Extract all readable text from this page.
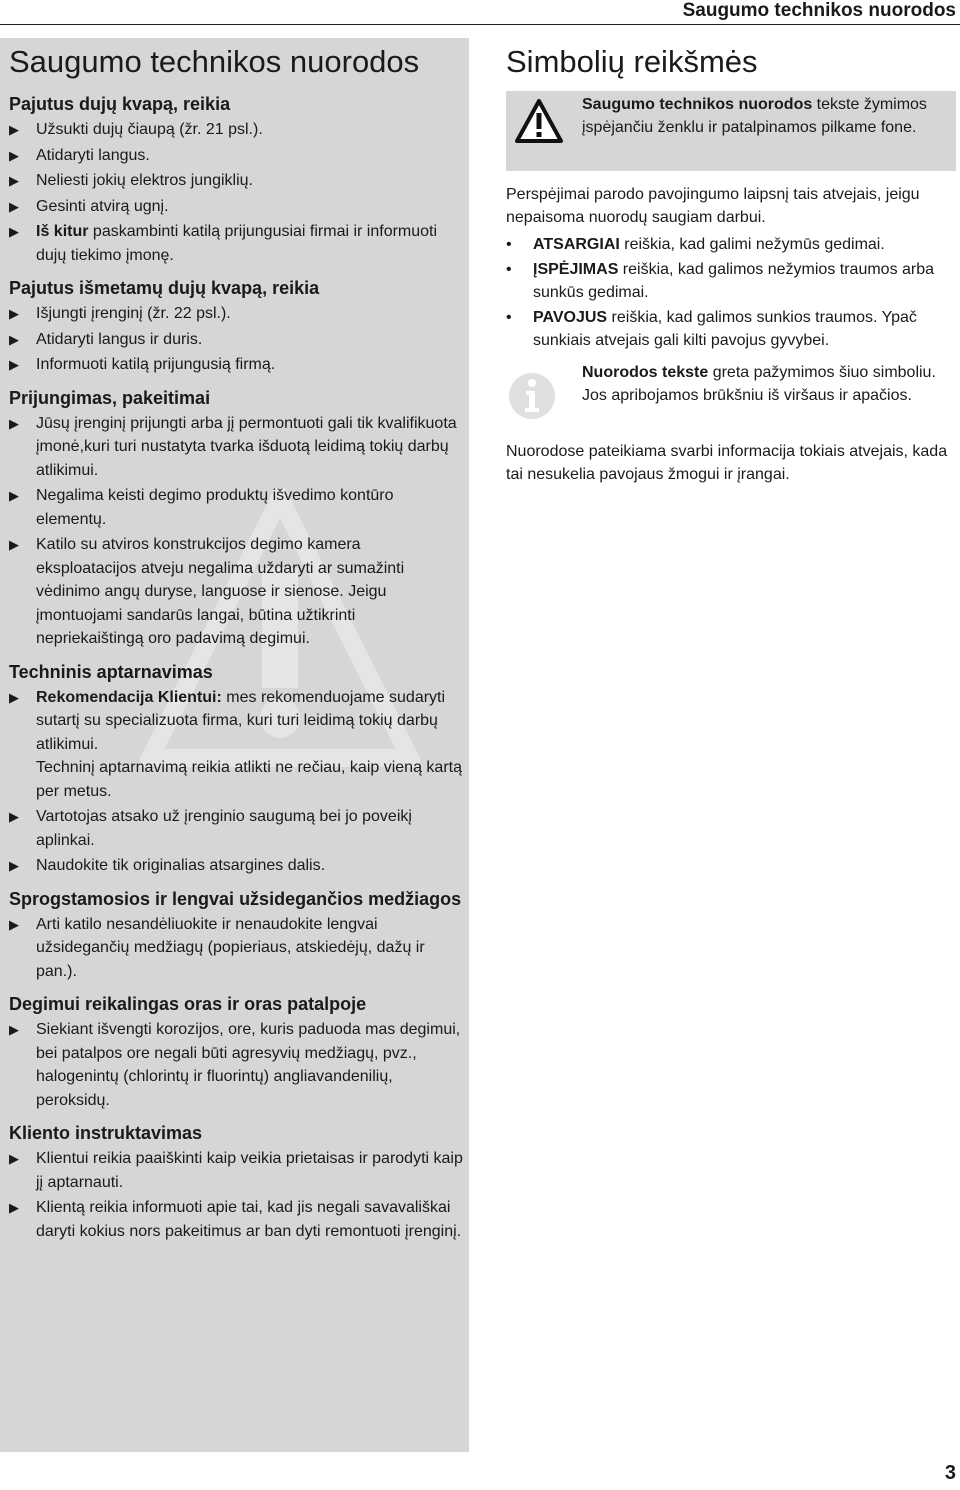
Saugumo technikos nuorodos
Saugumo technikos nuorodos
Pajutus dujų kvapą, reikia
▶ Užsukti dujų čiaupą (žr. 21 psl.).
▶ Atidaryti langus.
▶ Neliesti jokių elektros jungiklių.
▶ Gesinti atvirą ugnį.
▶ Iš kitur paskambinti katilą prijungusiai firmai ir informuoti dujų tiekimo įmonę.
Pajutus išmetamų dujų kvapą, reikia
▶ Išjungti įrenginį (žr. 22 psl.).
▶ Atidaryti langus ir duris.
▶ Informuoti katilą prijungusią firmą.
Prijungimas, pakeitimai
▶ Jūsų įrenginį prijungti arba jį permontuoti gali tik kvalifikuota įmonė,kuri turi nustatyta tvarka išduotą leidimą tokių darbų atlikimui.
▶ Negalima keisti degimo produktų išvedimo kontūro elementų.
▶ Katilo su atviros konstrukcijos degimo kamera eksploatacijos atveju negalima uždaryti ar sumažinti vėdinimo angų duryse, languose ir sienose. Jeigu įmontuojami sandarūs langai, būtina užtikrinti nepriekaištingą oro padavimą degimui.
Techninis aptarnavimas
▶ Rekomendacija Klientui: mes rekomenduojame sudaryti sutartį su specializuota firma, kuri turi leidimą tokių darbų atlikimui.
Techninį aptarnavimą reikia atlikti ne rečiau, kaip vieną kartą per metus.
▶ Vartotojas atsako už įrenginio saugumą bei jo poveikį aplinkai.
▶ Naudokite tik originalias atsargines dalis.
Sprogstamosios ir lengvai užsidegančios medžiagos
▶ Arti katilo nesandėliuokite ir nenaudokite lengvai užsidegančių medžiagų (popieriaus, atskiedėjų, dažų ir pan.).
Degimui reikalingas oras ir oras patalpoje
▶ Siekiant išvengti korozijos, ore, kuris paduoda mas degimui, bei patalpos ore negali būti agresyvių medžiagų, pvz., halogenintų (chlorintų ir fluorintų) angliavandenilių, peroksidų.
Kliento instruktavimas
▶ Klientui reikia paaiškinti kaip veikia prietaisas ir parodyti kaip jį aptarnauti.
▶ Klientą reikia informuoti apie tai, kad jis negali savavališkai daryti kokius nors pakeitimus ar ban dyti remontuoti įrenginį.
Simbolių reikšmės
Saugumo technikos nuorodos tekste žymimos įspėjančiu ženklu ir patalpinamos pilkame fone.

Perspėjimai parodo pavojingumo laipsnį tais atvejais, jeigu nepaisoma nuorodų saugiam darbui.

• ATSARGIAI reiškia, kad galimi nežymūs gedimai.
• ĮSPĖJIMAS reiškia, kad galimos nežymios traumos arba sunkūs gedimai.
• PAVOJUS reiškia, kad galimos sunkios traumos. Ypač sunkiais atvejais gali kilti pavojus gyvybei.
Nuorodos tekste greta pažymimos šiuo simboliu. Jos apribojamos brūkšniu iš viršaus ir apačios.

Nuorodose pateikiama svarbi informacija tokiais atvejais, kada tai nesukelia pavojaus žmogui ir įrangai.

3
